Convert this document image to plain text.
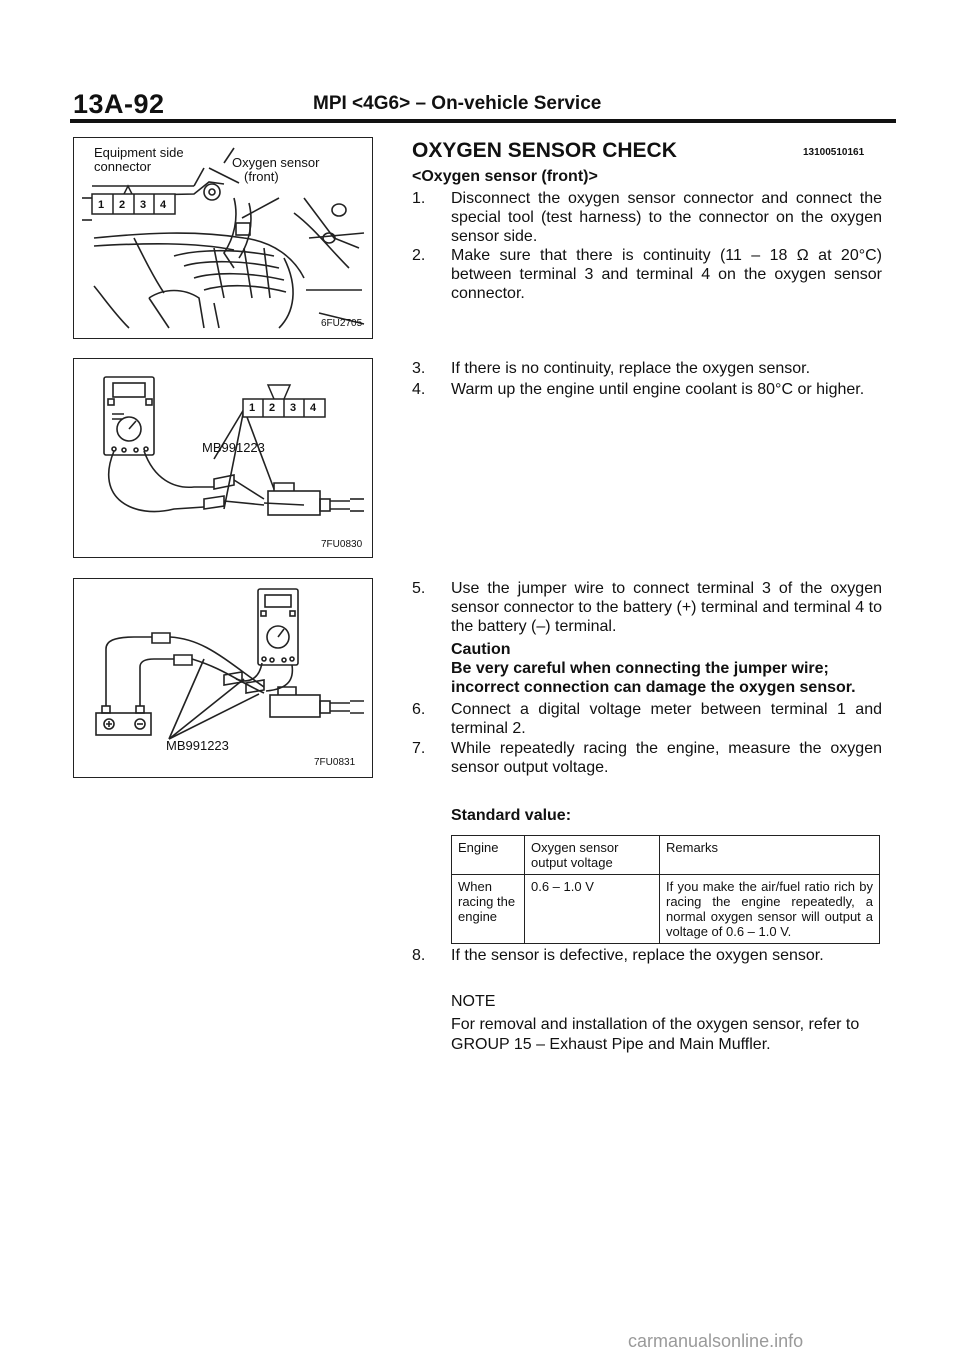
13A-92	MPI <4G6> – On-vehicle Service
Equipment side
connector	Oxygen sensor
(front)
1 2 3 4
6FU2705
1 2 3 4
MB991223
7FU0830
MB991223
7FU0831
OXYGEN SENSOR CHECK	13100510161
<Oxygen sensor (front)>
1. Disconnect the oxygen sensor connector and connect the special tool (test harness) to the connector on the oxygen sensor side.
2. Make sure that there is continuity (11 – 18 Ω at 20°C) between terminal 3 and terminal 4 on the oxygen sensor connector.
3. If there is no continuity, replace the oxygen sensor.
4. Warm up the engine until engine coolant is 80°C or higher.
5. Use the jumper wire to connect terminal 3 of the oxygen sensor connector to the battery (+) terminal and terminal 4 to the battery (–) terminal.
Caution
Be very careful when connecting the jumper wire; incorrect connection can damage the oxygen sensor.
6. Connect a digital voltage meter between terminal 1 and terminal 2.
7. While repeatedly racing the engine, measure the oxygen sensor output voltage.
Standard value:
Engine	Oxygen sensor output voltage	Remarks
When racing the engine	0.6 – 1.0 V	If you make the air/fuel ratio rich by racing the engine repeatedly, a normal oxygen sensor will output a voltage of 0.6 – 1.0 V.
8. If the sensor is defective, replace the oxygen sensor.
NOTE
For removal and installation of the oxygen sensor, refer to GROUP 15 – Exhaust Pipe and Main Muffler.
carmanualsonline.info
